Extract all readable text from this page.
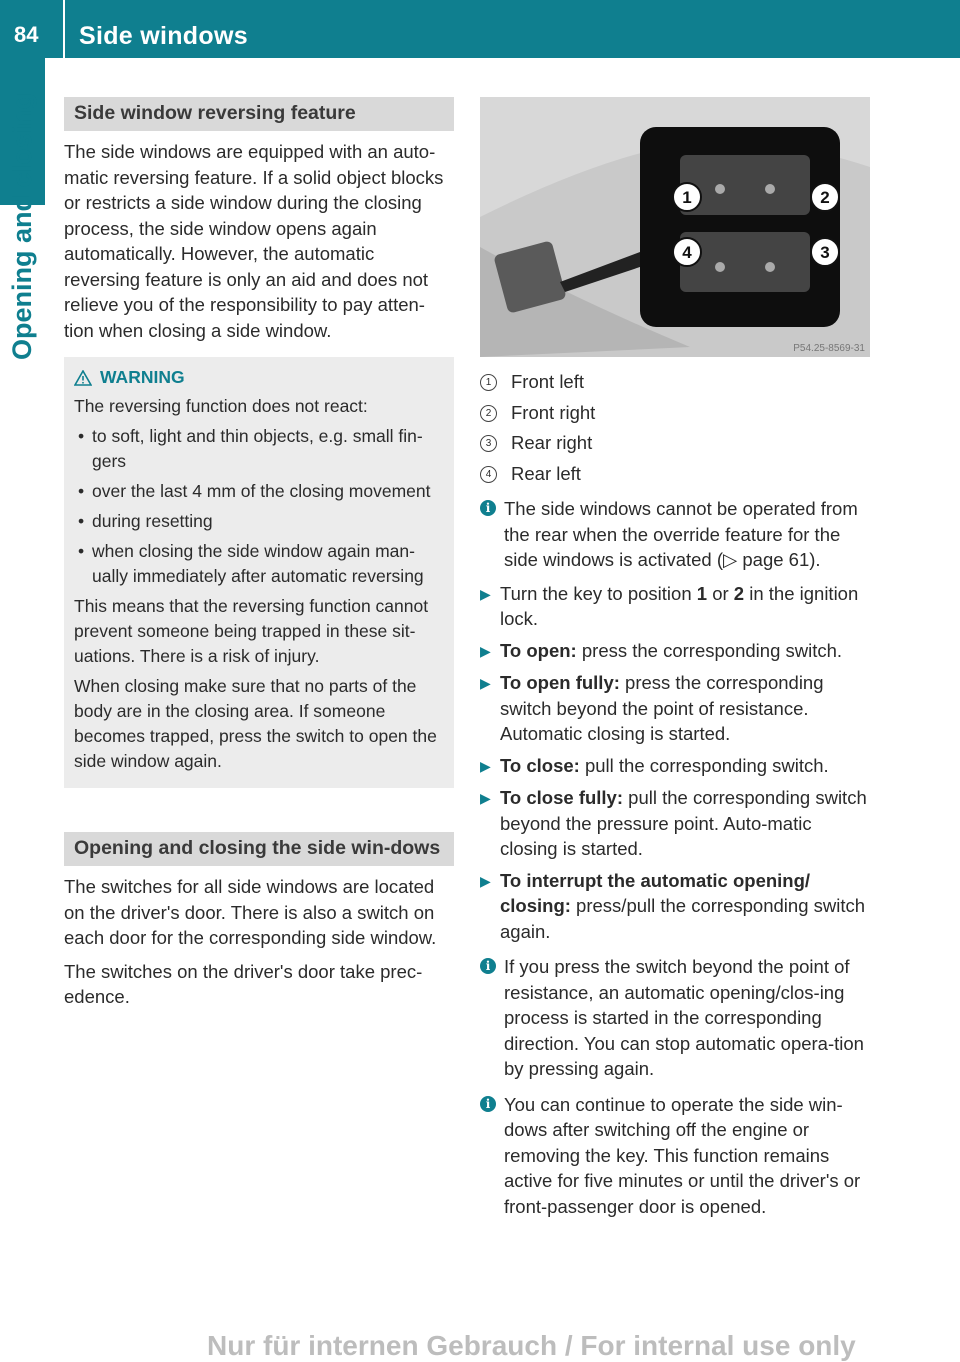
84 Side windows
Opening and closing	Side window reversing feature

The side windows are equipped with an auto-matic reversing feature. If a solid object blocks or restricts a side window during the closing process, the side window opens again automatically. However, the automatic reversing feature is only an aid and does not relieve you of the responsibility to pay atten-tion when closing a side window.

WARNING

The reversing function does not react:

• to soft, light and thin objects, e.g. small fin-gers
• over the last 4 mm of the closing movement
• during resetting
• when closing the side window again man-ually immediately after automatic reversing

This means that the reversing function cannot prevent someone being trapped in these sit-uations. There is a risk of injury.

When closing make sure that no parts of the body are in the closing area. If someone becomes trapped, press the switch to open the side window again.

Opening and closing the side win-dows

The switches for all side windows are located on the driver's door. There is also a switch on each door for the corresponding side window.

The switches on the driver's door take prec-edence.

1	2
3
4
P54.25-8569-31
1	Front left
2	Front right
3	Rear right
4	Rear left
i The side windows cannot be operated from the rear when the override feature for the side windows is activated (▷ page 61).
▶ Turn the key to position 1 or 2 in the ignition lock.
▶ To open: press the corresponding switch.
▶ To open fully: press the corresponding switch beyond the point of resistance. Automatic closing is started.
▶ To close: pull the corresponding switch.
▶ To close fully: pull the corresponding switch beyond the pressure point. Auto-matic closing is started.
▶ To interrupt the automatic opening/ closing: press/pull the corresponding switch again.
i If you press the switch beyond the point of resistance, an automatic opening/clos-ing process is started in the corresponding direction. You can stop automatic opera-tion by pressing again.
i You can continue to operate the side win-dows after switching off the engine or removing the key. This function remains active for five minutes or until the driver's or front-passenger door is opened.
Nur für internen Gebrauch / For internal use only
